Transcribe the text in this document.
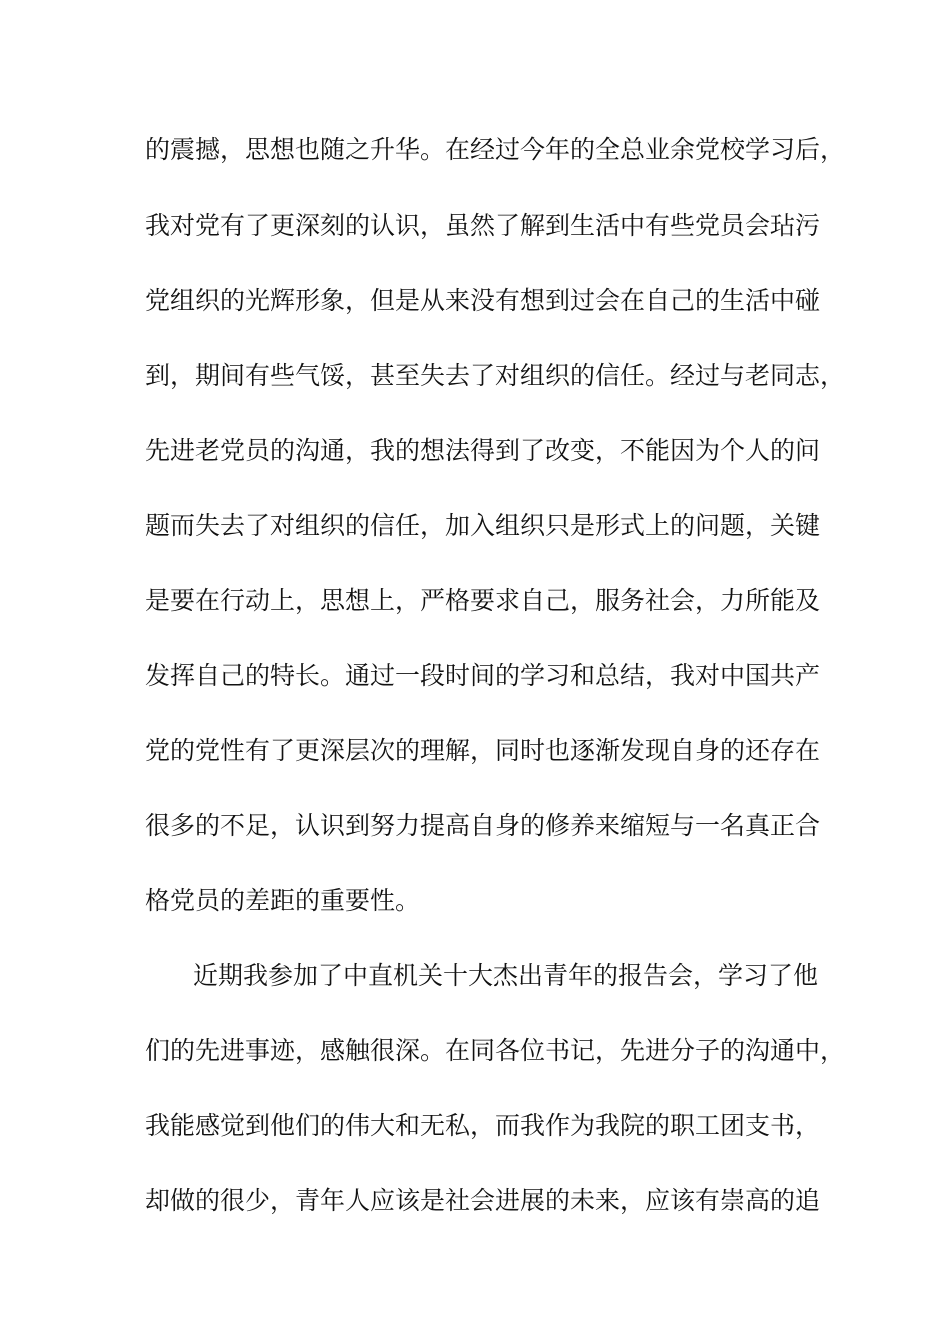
的震撼，思想也随之升华。在经过今年的全总业余党校学习后，
我对党有了更深刻的认识，虽然了解到生活中有些党员会玷污
党组织的光辉形象，但是从来没有想到过会在自己的生活中碰
到，期间有些气馁，甚至失去了对组织的信任。经过与老同志，
先进老党员的沟通，我的想法得到了改变，不能因为个人的问
题而失去了对组织的信任，加入组织只是形式上的问题，关键
是要在行动上，思想上，严格要求自己，服务社会，力所能及
发挥自己的特长。通过一段时间的学习和总结，我对中国共产
党的党性有了更深层次的理解，同时也逐渐发现自身的还存在
很多的不足，认识到努力提高自身的修养来缩短与一名真正合
格党员的差距的重要性。
近期我参加了中直机关十大杰出青年的报告会，学习了他
们的先进事迹，感触很深。在同各位书记，先进分子的沟通中，
我能感觉到他们的伟大和无私，而我作为我院的职工团支书，
却做的很少，青年人应该是社会进展的未来，应该有崇高的追
